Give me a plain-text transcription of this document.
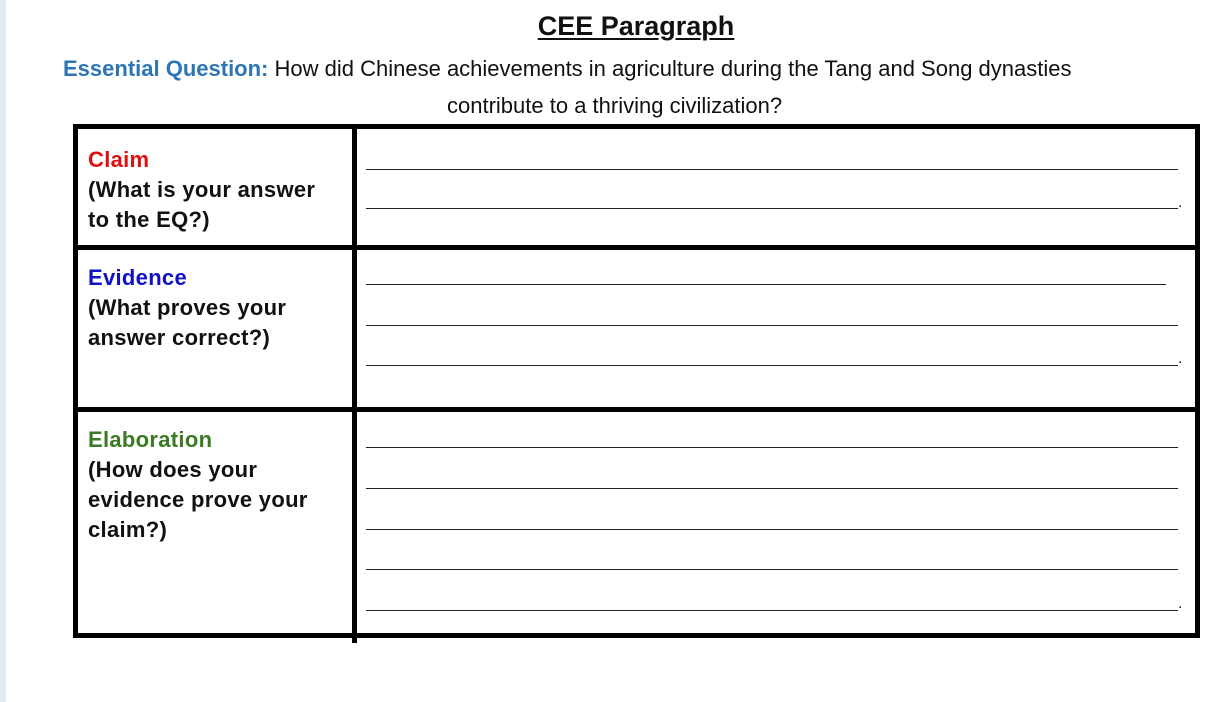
CEE Paragraph
Essential Question: How did Chinese achievements in agriculture during the Tang and Song dynasties
contribute to a thriving civilization?
Claim
(What is your answer
to the EQ?)
.
Evidence
(What proves your
answer correct?)
.
Elaboration
(How does your
evidence prove your
claim?)
.
